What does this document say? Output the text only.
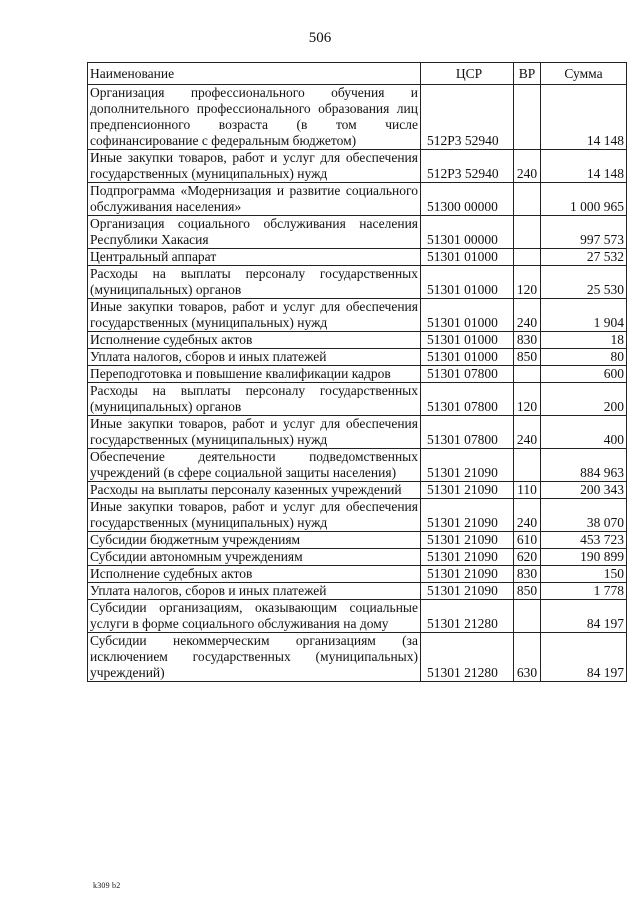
506
Наименование	ЦСР	ВР	Сумма
Организация профессионального обучения и дополнительного профессионального образования лиц предпенсионного возраста (в том числе софинансирование с федеральным бюджетом)	512P3 52940		14 148
Иные закупки товаров, работ и услуг для обеспечения государственных (муниципальных) нужд	512P3 52940	240	14 148
Подпрограмма «Модернизация и развитие социального обслуживания населения»	51300 00000		1 000 965
Организация социального обслуживания населения Республики Хакасия	51301 00000		997 573
Центральный аппарат	51301 01000		27 532
Расходы на выплаты персоналу государственных (муниципальных) органов	51301 01000	120	25 530
Иные закупки товаров, работ и услуг для обеспечения государственных (муниципальных) нужд	51301 01000	240	1 904
Исполнение судебных актов	51301 01000	830	18
Уплата налогов, сборов и иных платежей	51301 01000	850	80
Переподготовка и повышение квалификации кадров	51301 07800		600
Расходы на выплаты персоналу государственных (муниципальных) органов	51301 07800	120	200
Иные закупки товаров, работ и услуг для обеспечения государственных (муниципальных) нужд	51301 07800	240	400
Обеспечение деятельности подведомственных учреждений (в сфере социальной защиты населения)	51301 21090		884 963
Расходы на выплаты персоналу казенных учреждений	51301 21090	110	200 343
Иные закупки товаров, работ и услуг для обеспечения государственных (муниципальных) нужд	51301 21090	240	38 070
Субсидии бюджетным учреждениям	51301 21090	610	453 723
Субсидии автономным учреждениям	51301 21090	620	190 899
Исполнение судебных актов	51301 21090	830	150
Уплата налогов, сборов и иных платежей	51301 21090	850	1 778
Субсидии организациям, оказывающим социальные услуги в форме социального обслуживания на дому	51301 21280		84 197
Субсидии некоммерческим организациям (за исключением государственных (муниципальных) учреждений)	51301 21280	630	84 197
k309 b2
